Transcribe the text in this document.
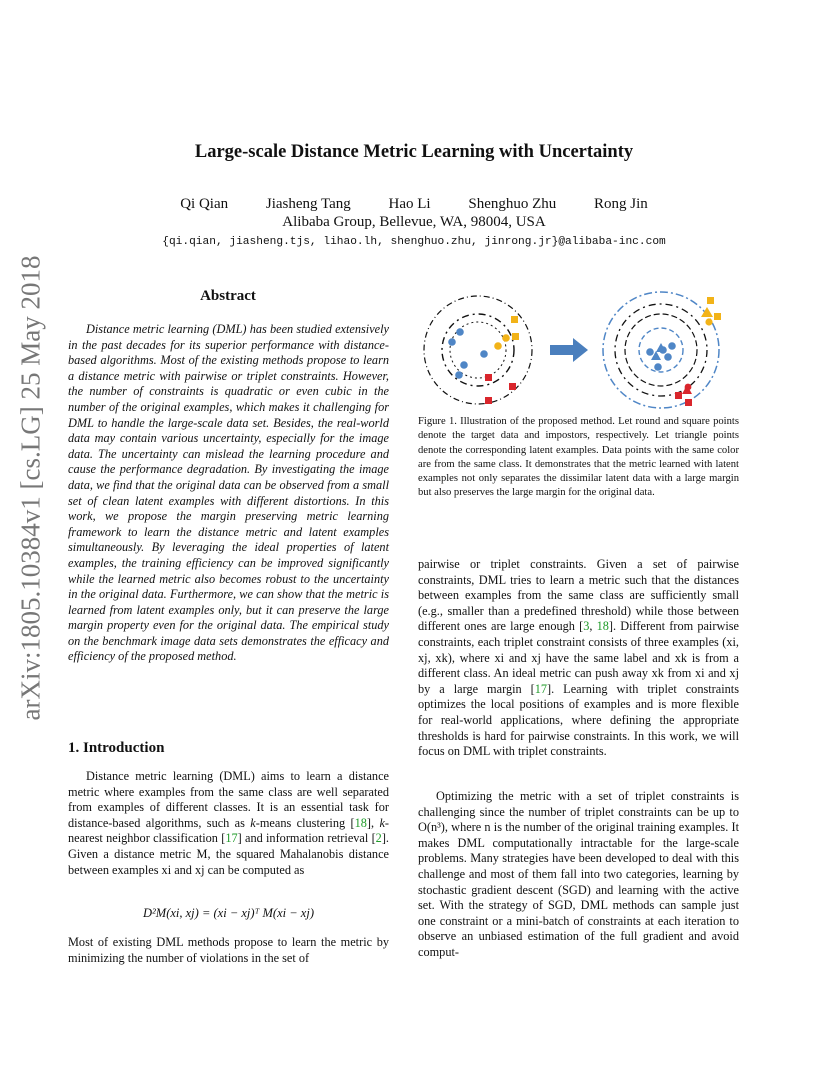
Large-scale Distance Metric Learning with Uncertainty
Qi Qian	Jiasheng Tang	Hao Li	Shenghuo Zhu	Rong Jin
Alibaba Group, Bellevue, WA, 98004, USA
{qi.qian, jiasheng.tjs, lihao.lh, shenghuo.zhu, jinrong.jr}@alibaba-inc.com
arXiv:1805.10384v1 [cs.LG] 25 May 2018	Abstract
Distance metric learning (DML) has been studied extensively in the past decades for its superior performance with distance-based algorithms. Most of the existing methods propose to learn a distance metric with pairwise or triplet constraints. However, the number of constraints is quadratic or even cubic in the number of the original examples, which makes it challenging for DML to handle the large-scale data set. Besides, the real-world data may contain various uncertainty, especially for the image data. The uncertainty can mislead the learning procedure and cause the performance degradation. By investigating the image data, we find that the original data can be observed from a small set of clean latent examples with different distortions. In this work, we propose the margin preserving metric learning framework to learn the distance metric and latent examples simultaneously. By leveraging the ideal properties of latent examples, the training efficiency can be improved significantly while the learned metric also becomes robust to the uncertainty in the original data. Furthermore, we can show that the metric is learned from latent examples only, but it can preserve the large margin property even for the original data. The empirical study on the benchmark image data sets demonstrates the efficacy and efficiency of the proposed method.
1. Introduction
Distance metric learning (DML) aims to learn a distance metric where examples from the same class are well separated from examples of different classes. It is an essential task for distance-based algorithms, such as k-means clustering [18], k-nearest neighbor classification [17] and information retrieval [2]. Given a distance metric M, the squared Mahalanobis distance between examples xi and xj can be computed as
D²M(xi, xj) = (xi − xj)ᵀ M(xi − xj)
Most of existing DML methods propose to learn the metric by minimizing the number of violations in the set of
Figure 1. Illustration of the proposed method. Let round and square points denote the target data and impostors, respectively. Let triangle points denote the corresponding latent examples. Data points with the same color are from the same class. It demonstrates that the metric learned with latent examples not only separates the dissimilar latent data with a large margin but also preserves the large margin for the original data.
pairwise or triplet constraints. Given a set of pairwise constraints, DML tries to learn a metric such that the distances between examples from the same class are sufficiently small (e.g., smaller than a predefined threshold) while those between different ones are large enough [3, 18]. Different from pairwise constraints, each triplet constraint consists of three examples (xi, xj, xk), where xi and xj have the same label and xk is from a different class. An ideal metric can push away xk from xi and xj by a large margin [17]. Learning with triplet constraints optimizes the local positions of examples and is more flexible for real-world applications, where defining the appropriate thresholds is hard for pairwise constraints. In this work, we will focus on DML with triplet constraints.
Optimizing the metric with a set of triplet constraints is challenging since the number of triplet constraints can be up to O(n³), where n is the number of the original training examples. It makes DML computationally intractable for the large-scale problems. Many strategies have been developed to deal with this challenge and most of them fall into two categories, learning by stochastic gradient descent (SGD) and learning with the active set. With the strategy of SGD, DML methods can sample just one constraint or a mini-batch of constraints at each iteration to observe an unbiased estimation of the full gradient and avoid comput-
